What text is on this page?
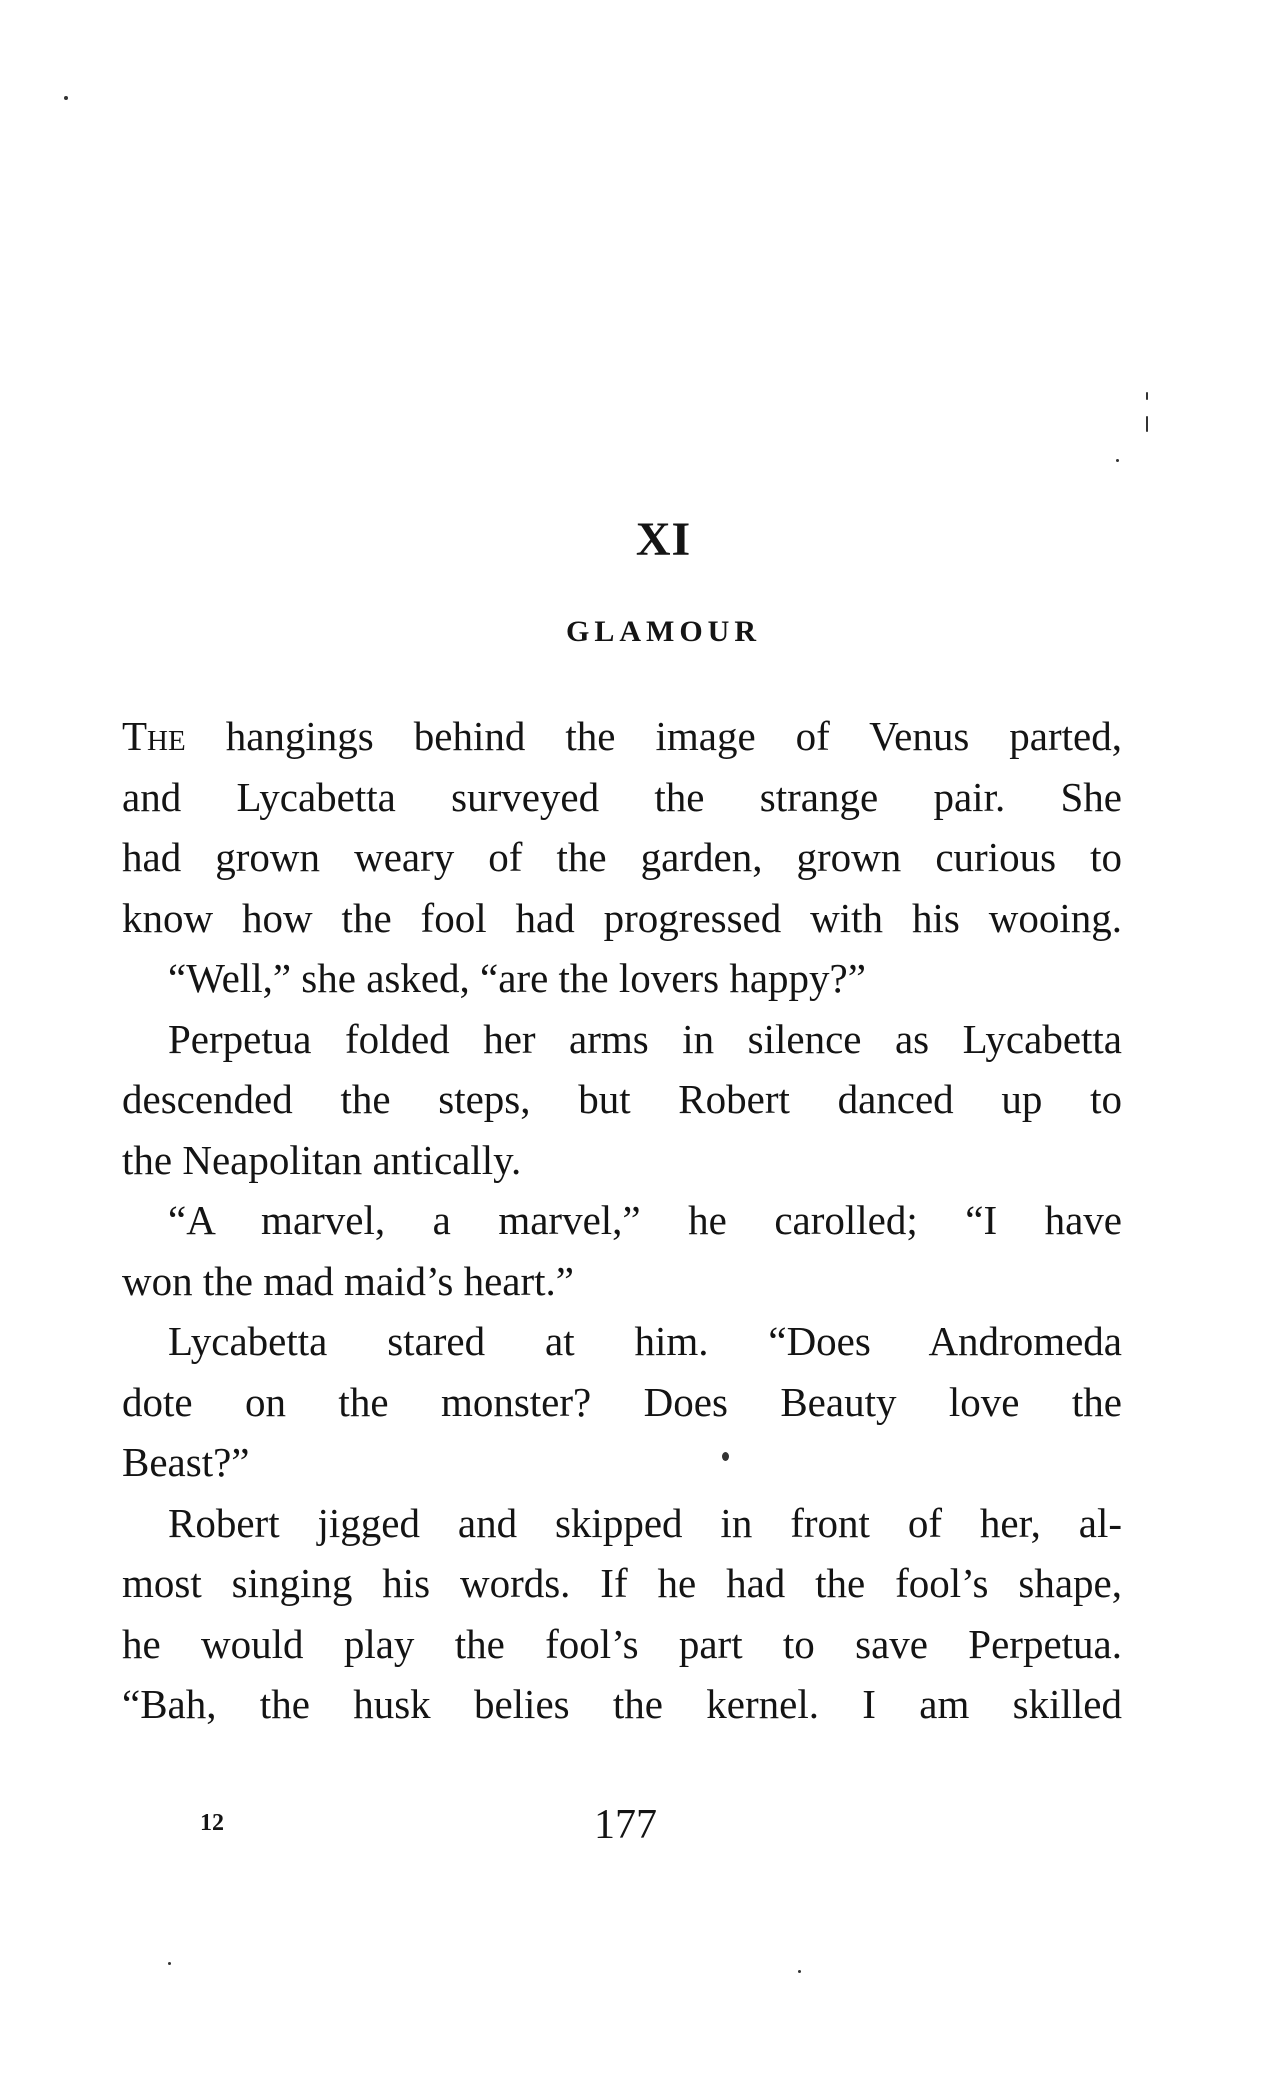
XI
GLAMOUR
The hangings behind the image of Venus parted,
and Lycabetta surveyed the strange pair. She
had grown weary of the garden, grown curious to
know how the fool had progressed with his wooing.
“Well,” she asked, “are the lovers happy?”
Perpetua folded her arms in silence as Lycabetta
descended the steps, but Robert danced up to
the Neapolitan antically.
“A marvel, a marvel,” he carolled; “I have
won the mad maid’s heart.”
Lycabetta stared at him. “Does Andromeda
dote on the monster? Does Beauty love the
Beast?”
Robert jigged and skipped in front of her, al-
most singing his words. If he had the fool’s shape,
he would play the fool’s part to save Perpetua.
“Bah, the husk belies the kernel. I am skilled
12	177
